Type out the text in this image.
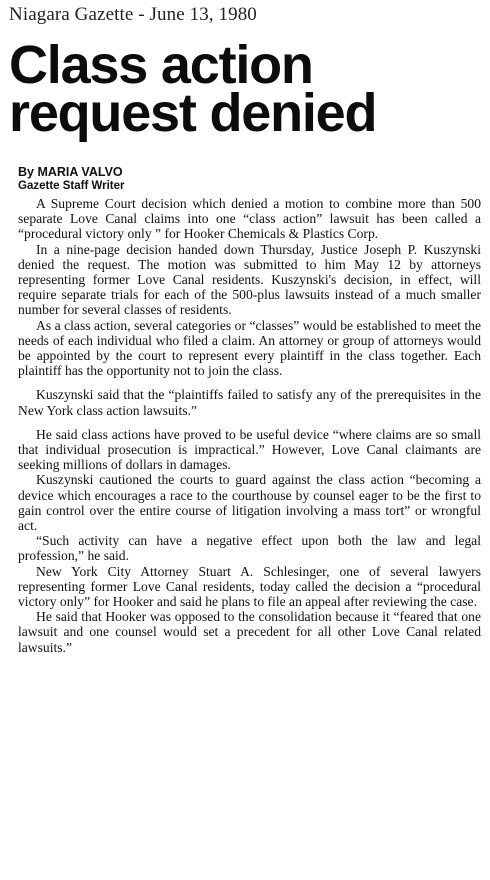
Niagara Gazette - June 13, 1980
Class action
request denied
By MARIA VALVO
Gazette Staff Writer

A Supreme Court decision which denied a motion to combine more than 500 separate Love Canal claims into one “class action” lawsuit has been called a “procedural victory only ” for Hooker Chemicals & Plastics Corp.

In a nine-page decision handed down Thursday, Justice Joseph P. Kuszynski denied the request. The motion was submitted to him May 12 by attorneys representing former Love Canal residents. Kuszynski's decision, in effect, will require separate trials for each of the 500-plus lawsuits instead of a much smaller number for several classes of residents.

As a class action, several categories or “classes” would be established to meet the needs of each individual who filed a claim. An attorney or group of attorneys would be appointed by the court to represent every plaintiff in the class together. Each plaintiff has the opportunity not to join the class.

Kuszynski said that the “plaintiffs failed to satisfy any of the prerequisites in the New York class action lawsuits.”

He said class actions have proved to be useful device “where claims are so small that individual prosecution is impractical.” However, Love Canal claimants are seeking millions of dollars in damages.

Kuszynski cautioned the courts to guard against the class action “becoming a device which encourages a race to the courthouse by counsel eager to be the first to gain control over the entire course of litigation involving a mass tort” or wrongful act.

“Such activity can have a negative effect upon both the law and legal profession,” he said.

New York City Attorney Stuart A. Schlesinger, one of several lawyers representing former Love Canal residents, today called the decision a “procedural victory only” for Hooker and said he plans to file an appeal after reviewing the case.

He said that Hooker was opposed to the consolidation because it “feared that one lawsuit and one counsel would set a precedent for all other Love Canal related lawsuits.”
